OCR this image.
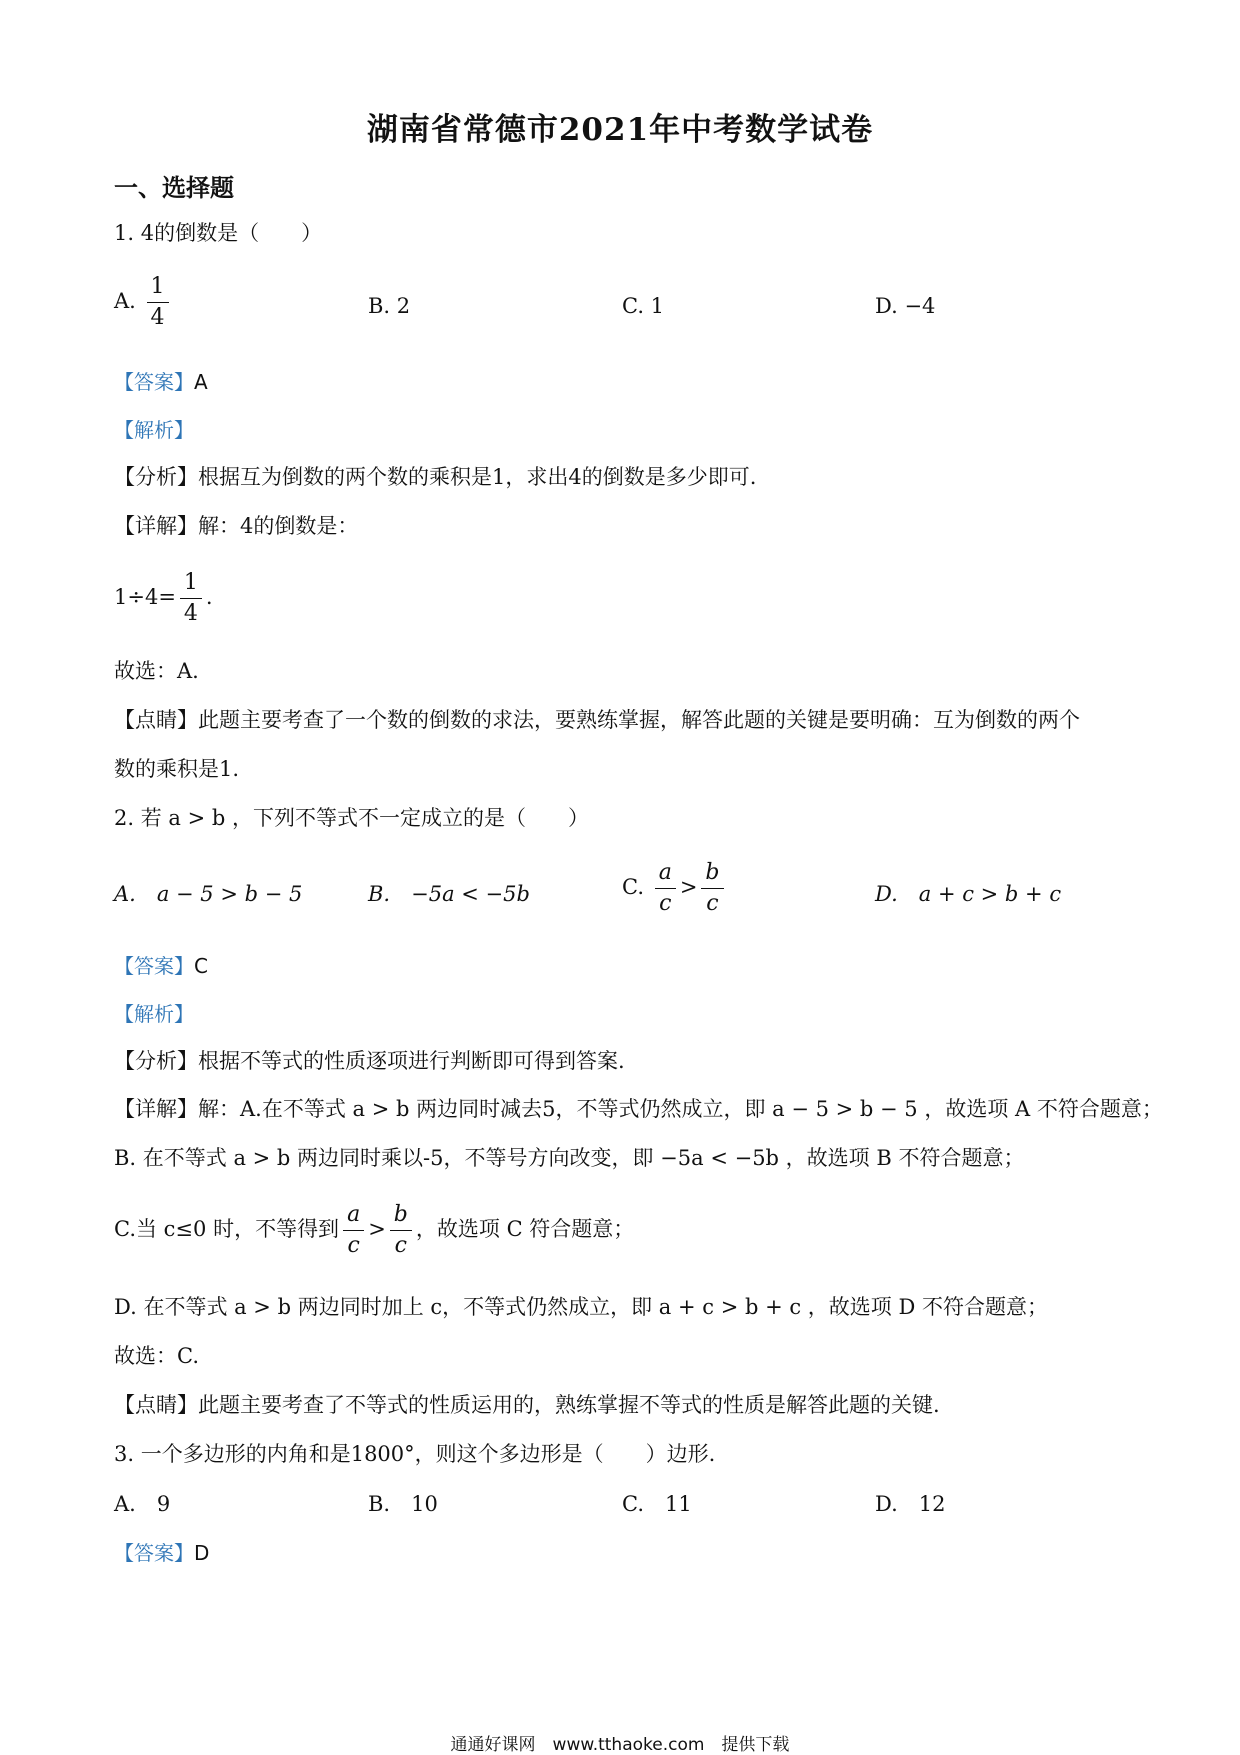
湖南省常德市2021年中考数学试卷
一、选择题
1. 4的倒数是（　　）
A. $\frac{1}{4}$	B. 2	C. 1	D. −4
【答案】A
【解析】
【分析】根据互为倒数的两个数的乘积是1，求出4的倒数是多少即可.
【详解】解：4的倒数是：
$1\div 4= \frac{1}{4}$ .
故选：A.
【点睛】此题主要考查了一个数的倒数的求法，要熟练掌握，解答此题的关键是要明确：互为倒数的两个
数的乘积是1.
2. 若 a > b ，下列不等式不一定成立的是（　　）
A.　a − 5 > b − 5	B.　−5a < −5b	C. $\frac{a}{c} > \frac{b}{c}$	D.　a + c > b + c
【答案】C
【解析】
【分析】根据不等式的性质逐项进行判断即可得到答案.
【详解】解：A.在不等式 a > b 两边同时减去5，不等式仍然成立，即 a − 5 > b − 5 ，故选项 A 不符合题意；
B. 在不等式 a > b 两边同时乘以-5，不等号方向改变，即 −5a < −5b ，故选项 B 不符合题意；
C.当 c≤0 时，不等得到 $\frac{a}{c} > \frac{b}{c}$ ，故选项 C 符合题意；
D. 在不等式 a > b 两边同时加上 c，不等式仍然成立，即 a + c > b + c ，故选项 D 不符合题意；
故选：C.
【点睛】此题主要考查了不等式的性质运用的，熟练掌握不等式的性质是解答此题的关键.
3. 一个多边形的内角和是1800°，则这个多边形是（　　）边形.
A.　9	B.　10	C.　11	D.　12
【答案】D
通通好课网　www.tthaoke.com　提供下载
